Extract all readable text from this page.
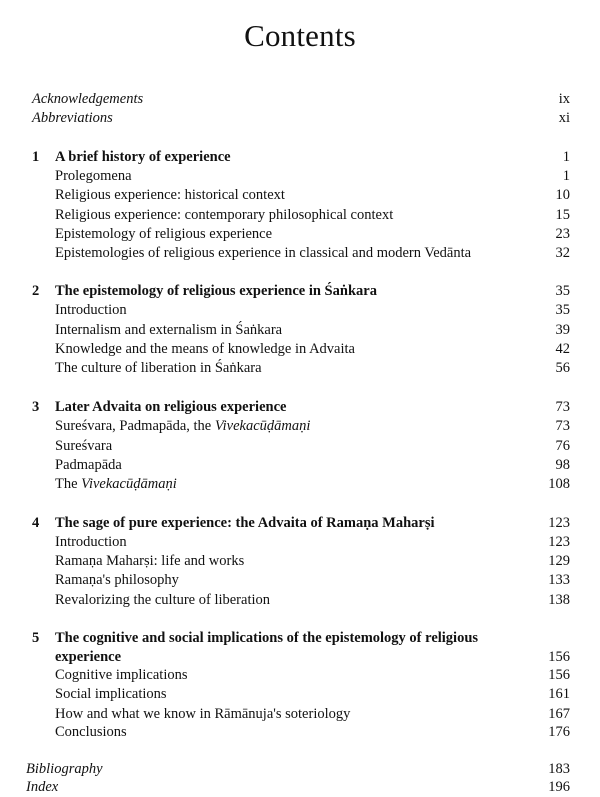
Contents
Acknowledgements	ix
Abbreviations	xi
1 A brief history of experience	1
Prolegomena	1
Religious experience: historical context	10
Religious experience: contemporary philosophical context	15
Epistemology of religious experience	23
Epistemologies of religious experience in classical and modern Vedānta	32
2 The epistemology of religious experience in Śaṅkara	35
Introduction	35
Internalism and externalism in Śaṅkara	39
Knowledge and the means of knowledge in Advaita	42
The culture of liberation in Śaṅkara	56
3 Later Advaita on religious experience	73
Sureśvara, Padmapāda, the Vivekacūḍāmaṇi	73
Sureśvara	76
Padmapāda	98
The Vivekacūḍāmaṇi	108
4 The sage of pure experience: the Advaita of Ramaṇa Maharṣi	123
Introduction	123
Ramaṇa Maharṣi: life and works	129
Ramaṇa's philosophy	133
Revalorizing the culture of liberation	138
5 The cognitive and social implications of the epistemology of religious
experience	156
Cognitive implications	156
Social implications	161
How and what we know in Rāmānuja's soteriology	167
Conclusions	176
Bibliography	183
Index	196
